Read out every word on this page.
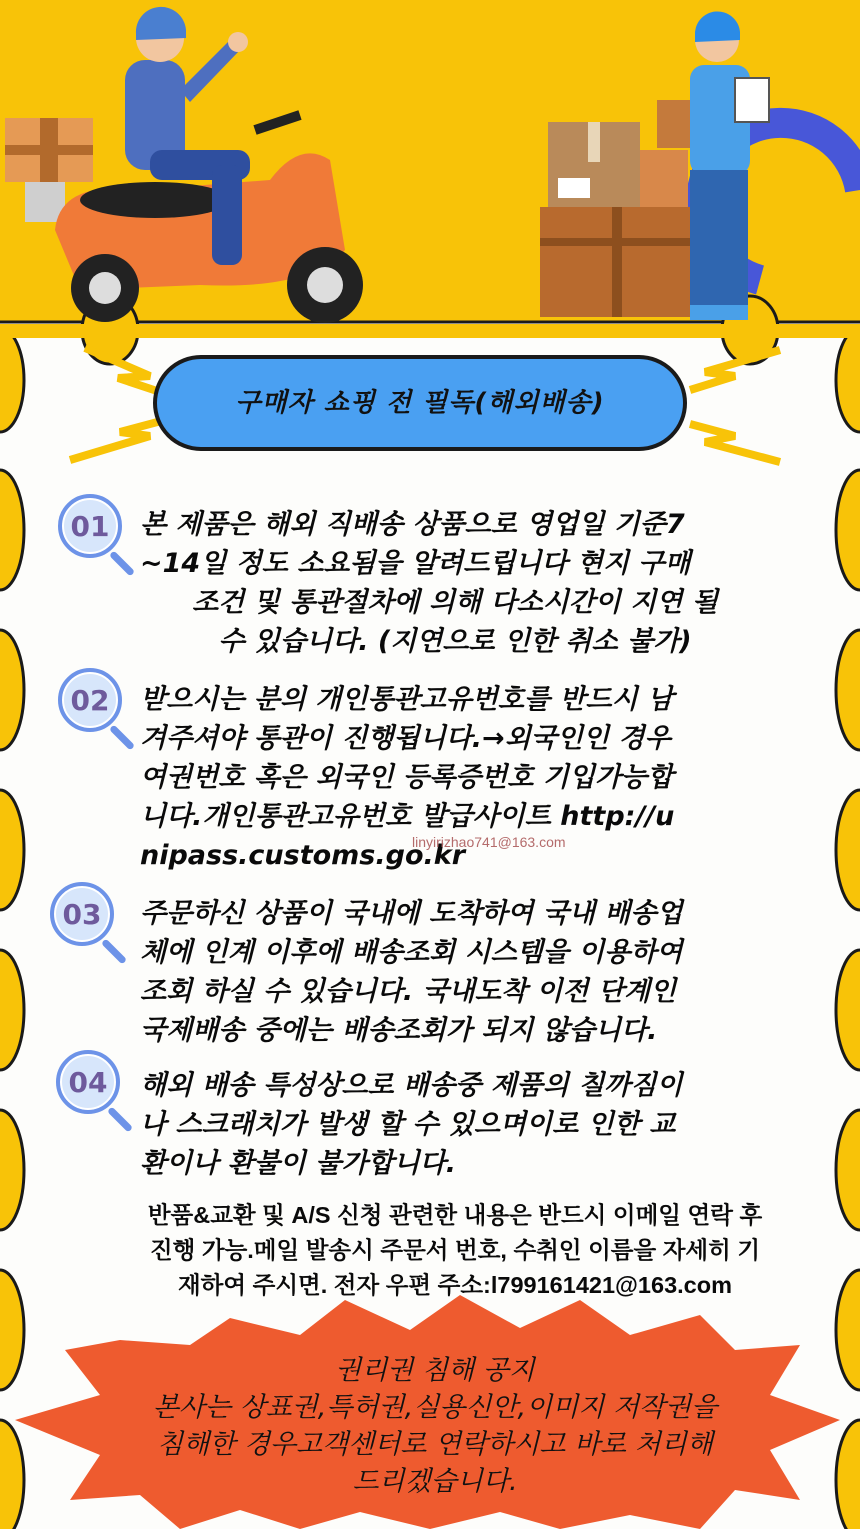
구매자 쇼핑 전 필독(해외배송)
01
02
03
04

본 제품은 해외 직배송 상품으로 영업일 기준7

~14일 정도 소요됨을 알려드립니다 현지 구매

조건 및 통관절차에 의해 다소시간이 지연 될

수 있습니다. (지연으로 인한 취소 불가)

받으시는 분의 개인통관고유번호를 반드시 남

겨주셔야 통관이 진행됩니다.→외국인인 경우

여권번호 혹은 외국인 등록증번호 기입가능합

니다.개인통관고유번호 발급사이트 http://u

nipass.customs.go.kr

linyirizhao741@163.com

주문하신 상품이 국내에 도착하여 국내 배송업

체에 인계 이후에 배송조회 시스템을 이용하여

조회 하실 수 있습니다. 국내도착 이전 단계인

국제배송 중에는 배송조회가 되지 않습니다.

해외 배송 특성상으로 배송중 제품의 칠까짐이

나 스크래치가 발생 할 수 있으며이로 인한 교

환이나 환불이 불가합니다.

반품&교환 및 A/S 신청 관련한 내용은 반드시 이메일 연락 후

진행 가능.메일 발송시 주문서 번호, 수취인 이름을 자세히 기

재하여 주시면. 전자 우편 주소:l799161421@163.com

권리권 침해 공지

본사는 상표권,특허권,실용신안,이미지 저작권을

침해한 경우고객센터로 연락하시고 바로 처리해

드리겠습니다.
